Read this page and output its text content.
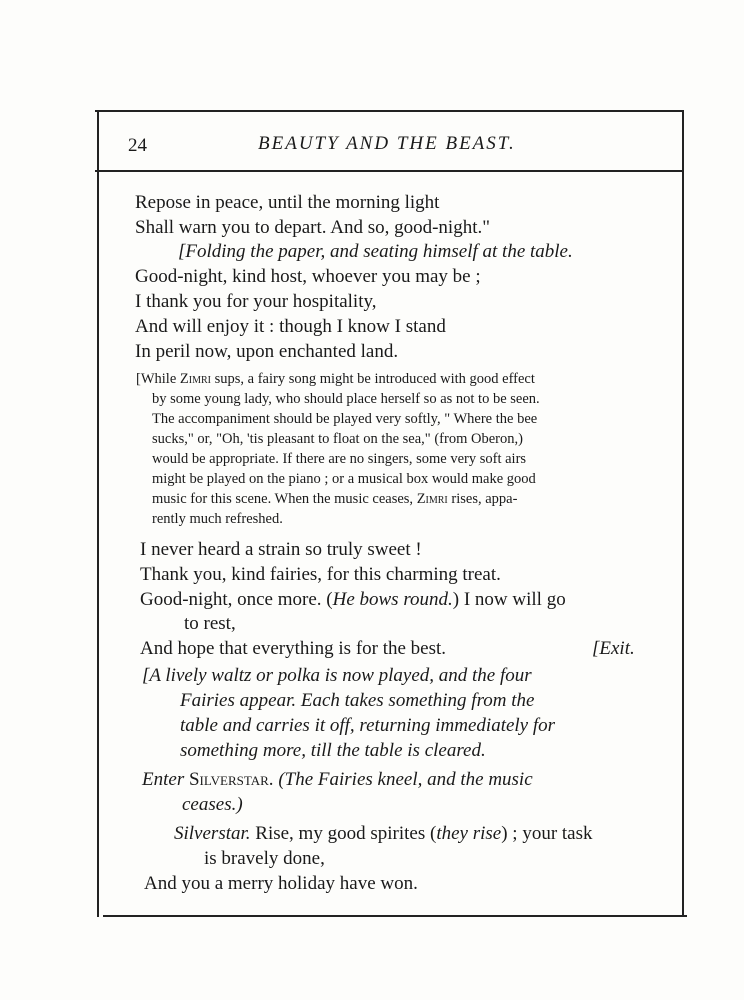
24	BEAUTY AND THE BEAST.
Repose in peace, until the morning light
Shall warn you to depart. And so, good-night."
[Folding the paper, and seating himself at the table.
Good-night, kind host, whoever you may be ;
I thank you for your hospitality,
And will enjoy it : though I know I stand
In peril now, upon enchanted land.
[While Zimri sups, a fairy song might be introduced with good effect
by some young lady, who should place herself so as not to be seen.
The accompaniment should be played very softly, " Where the bee
sucks," or, "Oh, 'tis pleasant to float on the sea," (from Oberon,)
would be appropriate. If there are no singers, some very soft airs
might be played on the piano ; or a musical box would make good
music for this scene. When the music ceases, Zimri rises, appa-
rently much refreshed.
I never heard a strain so truly sweet !
Thank you, kind fairies, for this charming treat.
Good-night, once more. (He bows round.) I now will go
to rest,
And hope that everything is for the best.	[Exit.
[A lively waltz or polka is now played, and the four
Fairies appear. Each takes something from the
table and carries it off, returning immediately for
something more, till the table is cleared.
Enter Silverstar. (The Fairies kneel, and the music
ceases.)
Silverstar. Rise, my good spirites (they rise) ; your task
is bravely done,
And you a merry holiday have won.
